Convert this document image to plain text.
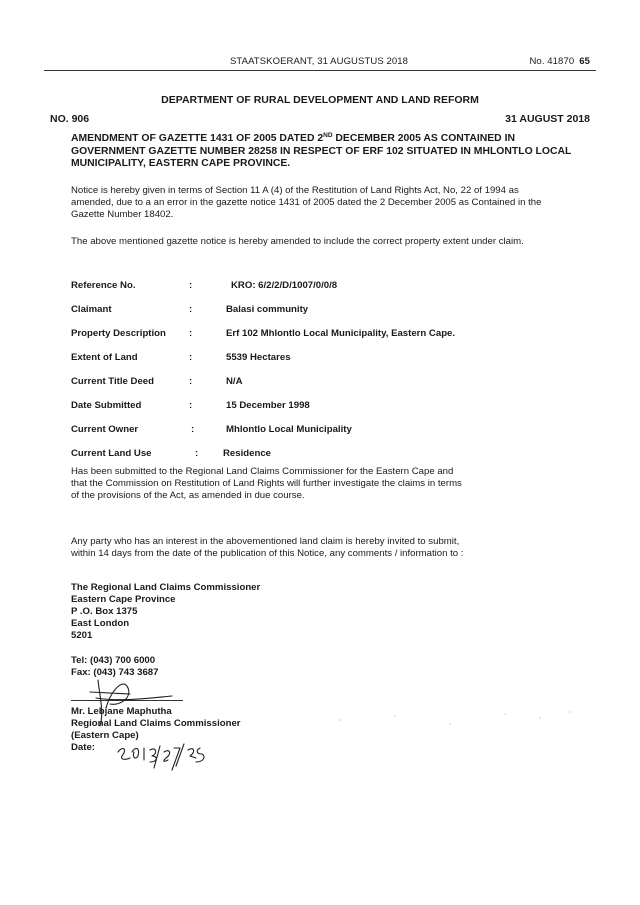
STAATSKOERANT, 31 AUGUSTUS 2018	No. 41870 65
DEPARTMENT OF RURAL DEVELOPMENT AND LAND REFORM
NO. 906	31 AUGUST 2018
AMENDMENT OF GAZETTE 1431 OF 2005 DATED 2ND DECEMBER 2005 AS CONTAINED IN GOVERNMENT GAZETTE NUMBER 28258 IN RESPECT OF ERF 102 SITUATED IN MHLONTLO LOCAL MUNICIPALITY, EASTERN CAPE PROVINCE.
Notice is hereby given in terms of Section 11 A (4) of the Restitution of Land Rights Act, No, 22 of 1994 as amended, due to a an error in the gazette notice 1431 of 2005 dated the 2 December 2005 as Contained in the Gazette Number 18402.
The above mentioned gazette notice is hereby amended to include the correct property extent under claim.
Reference No.	:	KRO: 6/2/2/D/1007/0/0/8
Claimant	:	Balasi community
Property Description :	Erf 102 Mhlontlo Local Municipality, Eastern Cape.
Extent of Land	:	5539 Hectares
Current Title Deed	:	N/A
Date Submitted	:	15 December 1998
Current Owner	:	Mhlontlo Local Municipality
Current Land Use	:	Residence
Has been submitted to the Regional Land Claims Commissioner for the Eastern Cape and that the Commission on Restitution of Land Rights will further investigate the claims in terms of the provisions of the Act, as amended in due course.
Any party who has an interest in the abovementioned land claim is hereby invited to submit, within 14 days from the date of the publication of this Notice, any comments / information to :
The Regional Land Claims Commissioner
Eastern Cape Province
P .O. Box 1375
East London
5201
Tel: (043) 700 6000
Fax: (043) 743 3687
Mr. Lebjane Maphutha
Regional Land Claims Commissioner
(Eastern Cape)
Date:
